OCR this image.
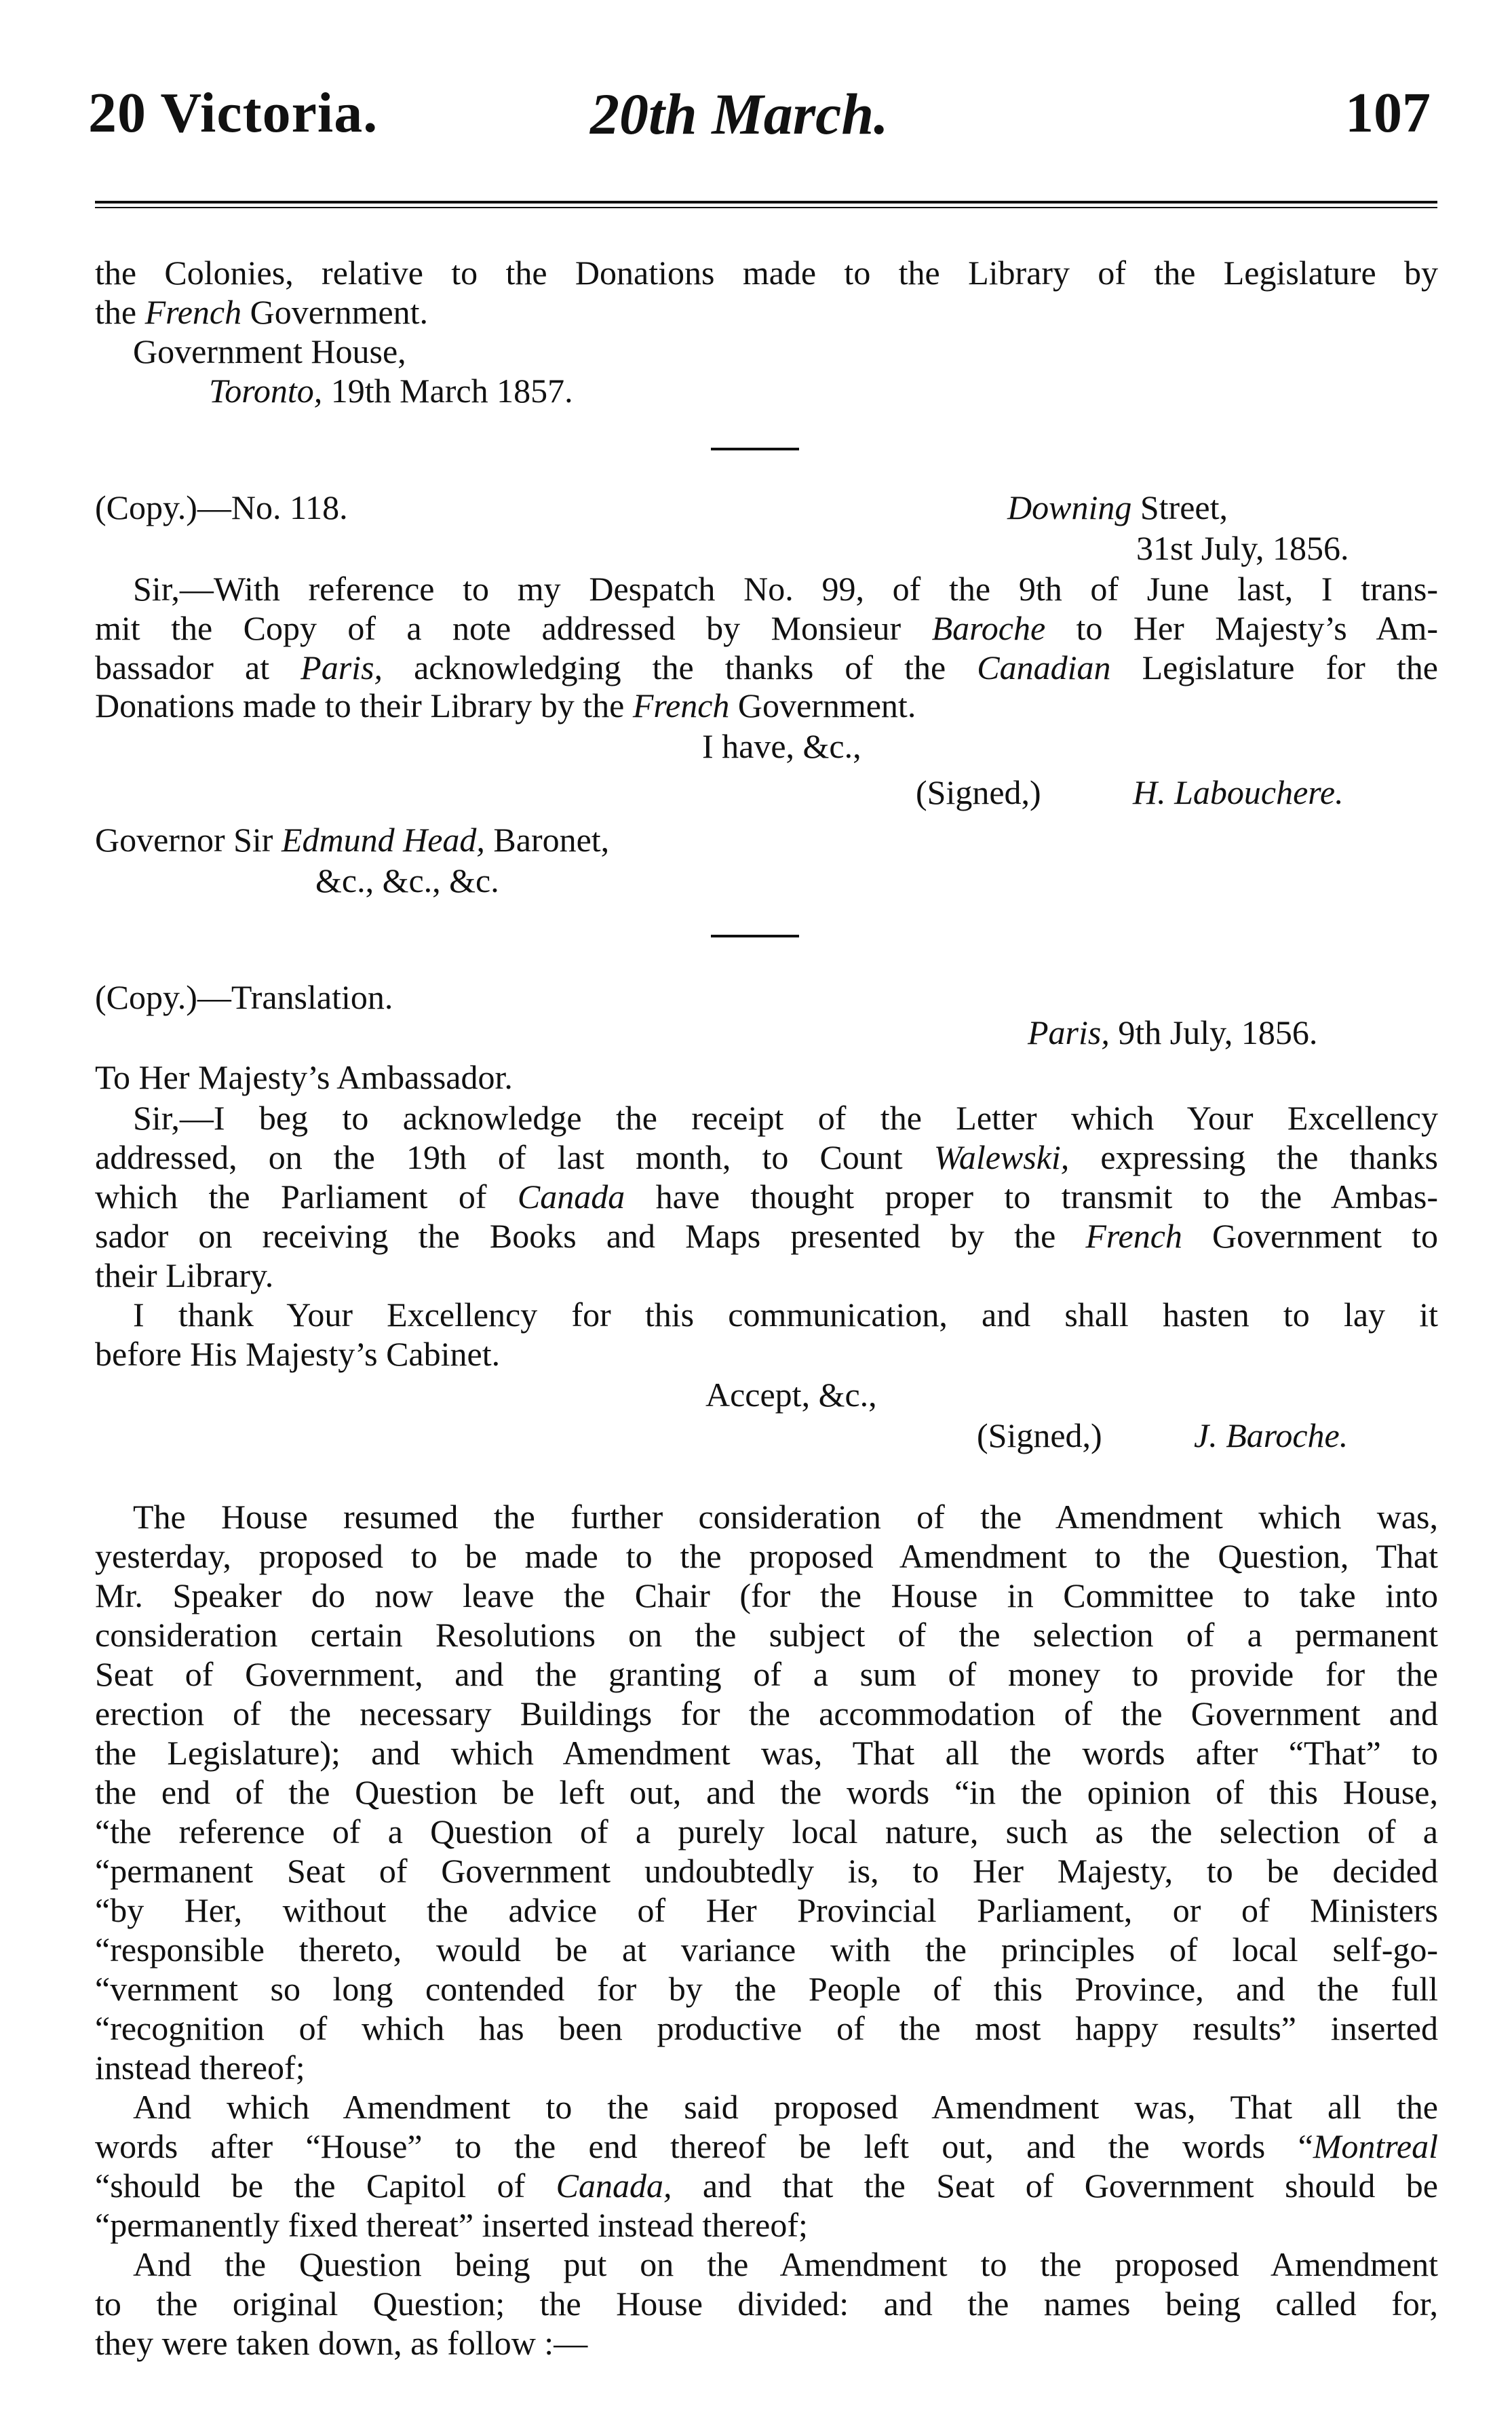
20 Victoria.	20th March.	107
the Colonies, relative to the Donations made to the Library of the Legislature by
the French Government.
Government House,
Toronto, 19th March 1857.
(Copy.)—No. 118.	Downing Street,
31st July, 1856.
Sir,—With reference to my Despatch No. 99, of the 9th of June last, I trans-
mit the Copy of a note addressed by Monsieur Baroche to Her Majesty’s Am-
bassador at Paris, acknowledging the thanks of the Canadian Legislature for the
Donations made to their Library by the French Government.
I have, &c.,
(Signed,)	H. Labouchere.
Governor Sir Edmund Head, Baronet,
&c., &c., &c.
(Copy.)—Translation.
Paris, 9th July, 1856.
To Her Majesty’s Ambassador.
Sir,—I beg to acknowledge the receipt of the Letter which Your Excellency
addressed, on the 19th of last month, to Count Walewski, expressing the thanks
which the Parliament of Canada have thought proper to transmit to the Ambas-
sador on receiving the Books and Maps presented by the French Government to
their Library.
I thank Your Excellency for this communication, and shall hasten to lay it
before His Majesty’s Cabinet.
Accept, &c.,
(Signed,)	J. Baroche.
The House resumed the further consideration of the Amendment which was,
yesterday, proposed to be made to the proposed Amendment to the Question, That
Mr. Speaker do now leave the Chair (for the House in Committee to take into
consideration certain Resolutions on the subject of the selection of a permanent
Seat of Government, and the granting of a sum of money to provide for the
erection of the necessary Buildings for the accommodation of the Government and
the Legislature); and which Amendment was, That all the words after “That” to
the end of the Question be left out, and the words “in the opinion of this House,
“the reference of a Question of a purely local nature, such as the selection of a
“permanent Seat of Government undoubtedly is, to Her Majesty, to be decided
“by Her, without the advice of Her Provincial Parliament, or of Ministers
“responsible thereto, would be at variance with the principles of local self-go-
“vernment so long contended for by the People of this Province, and the full
“recognition of which has been productive of the most happy results” inserted
instead thereof;
And which Amendment to the said proposed Amendment was, That all the
words after “House” to the end thereof be left out, and the words “Montreal
“should be the Capitol of Canada, and that the Seat of Government should be
“permanently fixed thereat” inserted instead thereof;
And the Question being put on the Amendment to the proposed Amendment
to the original Question; the House divided: and the names being called for,
they were taken down, as follow :—
